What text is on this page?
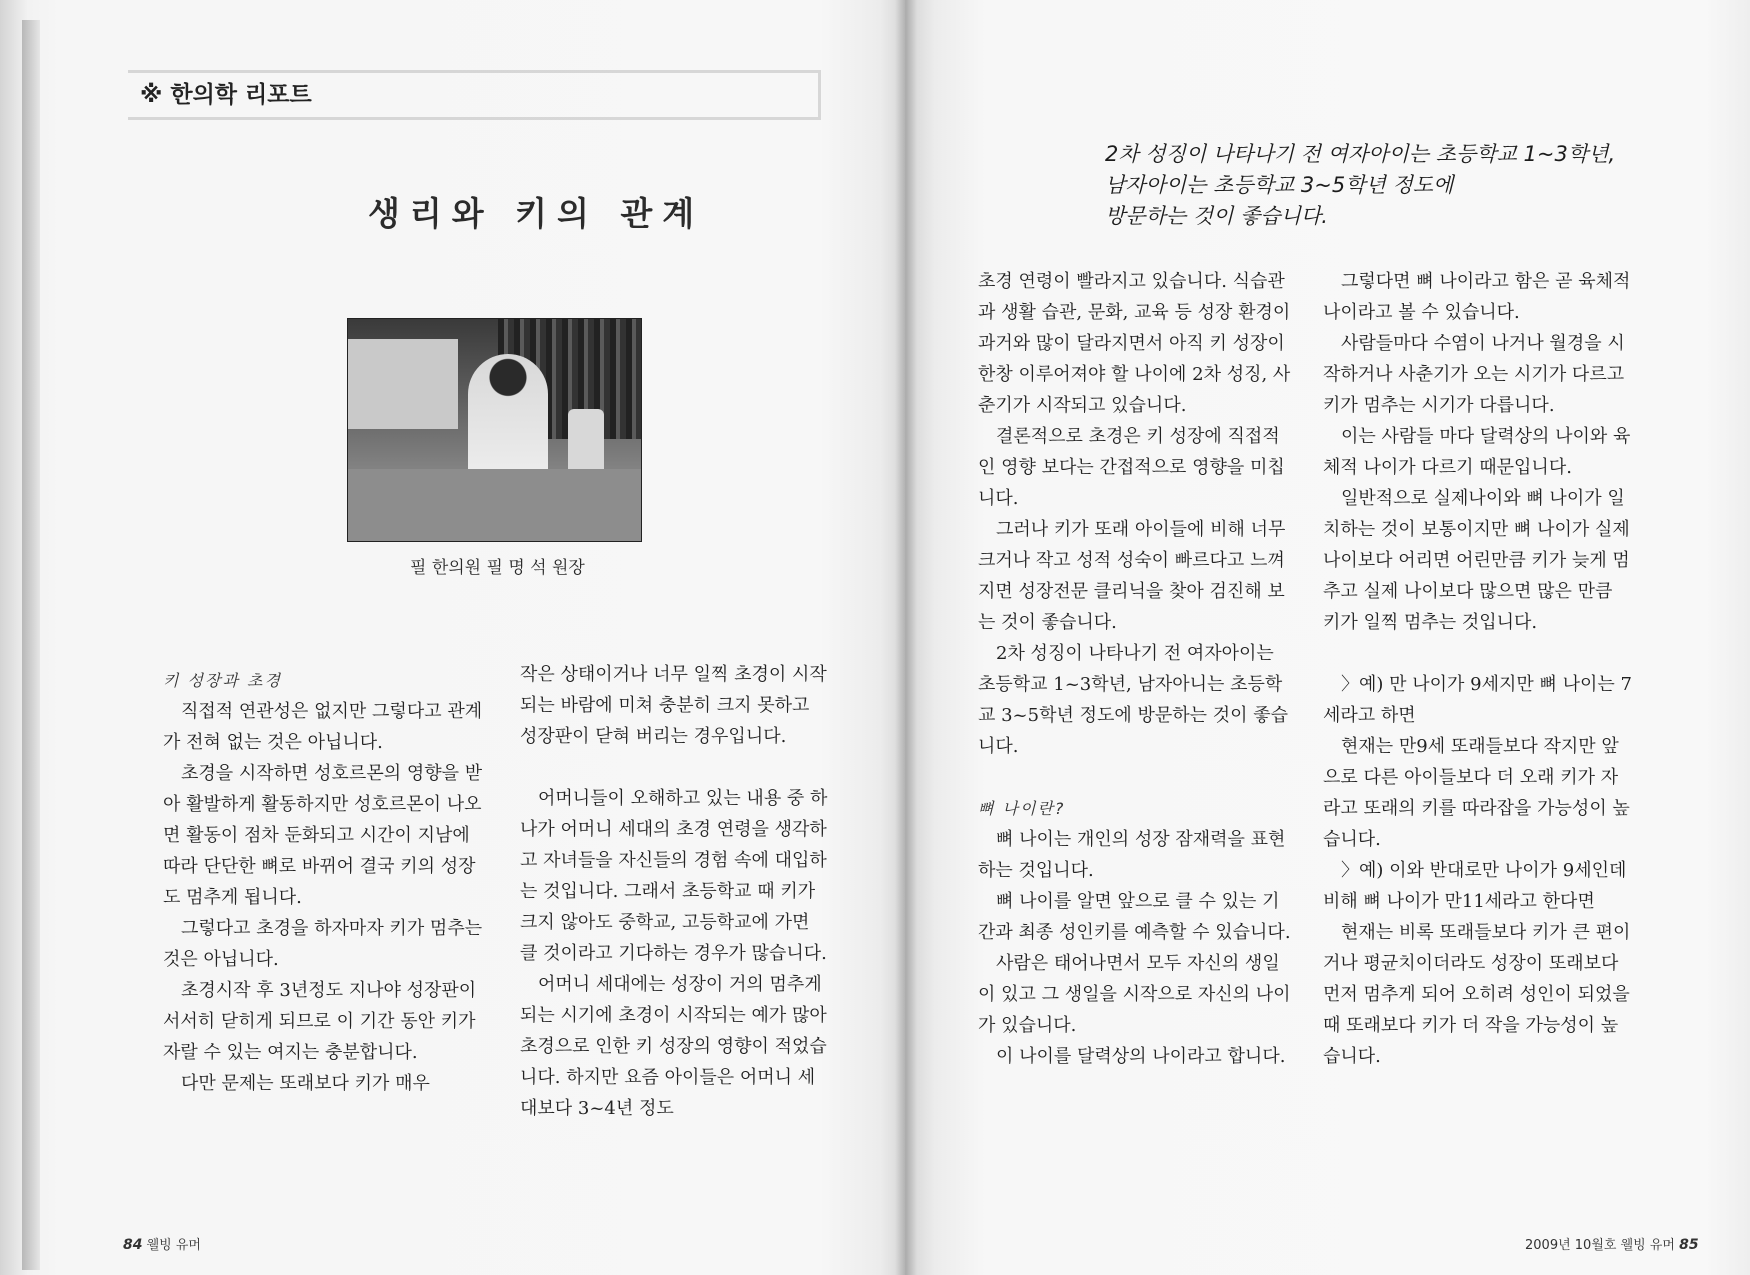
※ 한의학 리포트
생리와 키의 관계
필 한의원 필 명 석 원장

키 성장과 초경

직접적 연관성은 없지만 그렇다고 관계가 전혀 없는 것은 아닙니다.

초경을 시작하면 성호르몬의 영향을 받아 활발하게 활동하지만 성호르몬이 나오면 활동이 점차 둔화되고 시간이 지남에 따라 단단한 뼈로 바뀌어 결국 키의 성장도 멈추게 됩니다.

그렇다고 초경을 하자마자 키가 멈추는 것은 아닙니다.

초경시작 후 3년정도 지나야 성장판이 서서히 닫히게 되므로 이 기간 동안 키가 자랄 수 있는 여지는 충분합니다.

다만 문제는 또래보다 키가 매우

작은 상태이거나 너무 일찍 초경이 시작되는 바람에 미쳐 충분히 크지 못하고 성장판이 닫혀 버리는 경우입니다.

어머니들이 오해하고 있는 내용 중 하나가 어머니 세대의 초경 연령을 생각하고 자녀들을 자신들의 경험 속에 대입하는 것입니다. 그래서 초등학교 때 키가 크지 않아도 중학교, 고등학교에 가면 클 것이라고 기다하는 경우가 많습니다.

어머니 세대에는 성장이 거의 멈추게 되는 시기에 초경이 시작되는 예가 많아 초경으로 인한 키 성장의 영향이 적었습니다. 하지만 요즘 아이들은 어머니 세대보다 3~4년 정도

84 웰빙 유머
2차 성징이 나타나기 전 여자아이는 초등학교 1~3학년,
남자아이는 초등학교 3~5학년 정도에
방문하는 것이 좋습니다.

초경 연령이 빨라지고 있습니다. 식습관과 생활 습관, 문화, 교육 등 성장 환경이 과거와 많이 달라지면서 아직 키 성장이 한창 이루어져야 할 나이에 2차 성징, 사춘기가 시작되고 있습니다.

결론적으로 초경은 키 성장에 직접적인 영향 보다는 간접적으로 영향을 미칩니다.

그러나 키가 또래 아이들에 비해 너무 크거나 작고 성적 성숙이 빠르다고 느껴지면 성장전문 클리닉을 찾아 검진해 보는 것이 좋습니다.

2차 성징이 나타나기 전 여자아이는 초등학교 1~3학년, 남자아니는 초등학교 3~5학년 정도에 방문하는 것이 좋습니다.

뼈 나이란?

뼈 나이는 개인의 성장 잠재력을 표현하는 것입니다.

뼈 나이를 알면 앞으로 클 수 있는 기간과 최종 성인키를 예측할 수 있습니다.

사람은 태어나면서 모두 자신의 생일이 있고 그 생일을 시작으로 자신의 나이가 있습니다.

이 나이를 달력상의 나이라고 합니다.

그렇다면 뼈 나이라고 함은 곧 육체적 나이라고 볼 수 있습니다.

사람들마다 수염이 나거나 월경을 시작하거나 사춘기가 오는 시기가 다르고 키가 멈추는 시기가 다릅니다.

이는 사람들 마다 달력상의 나이와 육체적 나이가 다르기 때문입니다.

일반적으로 실제나이와 뼈 나이가 일치하는 것이 보통이지만 뼈 나이가 실제 나이보다 어리면 어린만큼 키가 늦게 멈추고 실제 나이보다 많으면 많은 만큼 키가 일찍 멈추는 것입니다.

〉예) 만 나이가 9세지만 뼈 나이는 7세라고 하면

현재는 만9세 또래들보다 작지만 앞으로 다른 아이들보다 더 오래 키가 자라고 또래의 키를 따라잡을 가능성이 높습니다.

〉예) 이와 반대로만 나이가 9세인데 비해 뼈 나이가 만11세라고 한다면

현재는 비록 또래들보다 키가 큰 편이거나 평균치이더라도 성장이 또래보다 먼저 멈추게 되어 오히려 성인이 되었을 때 또래보다 키가 더 작을 가능성이 높습니다.

2009년 10월호 웰빙 유머 85
